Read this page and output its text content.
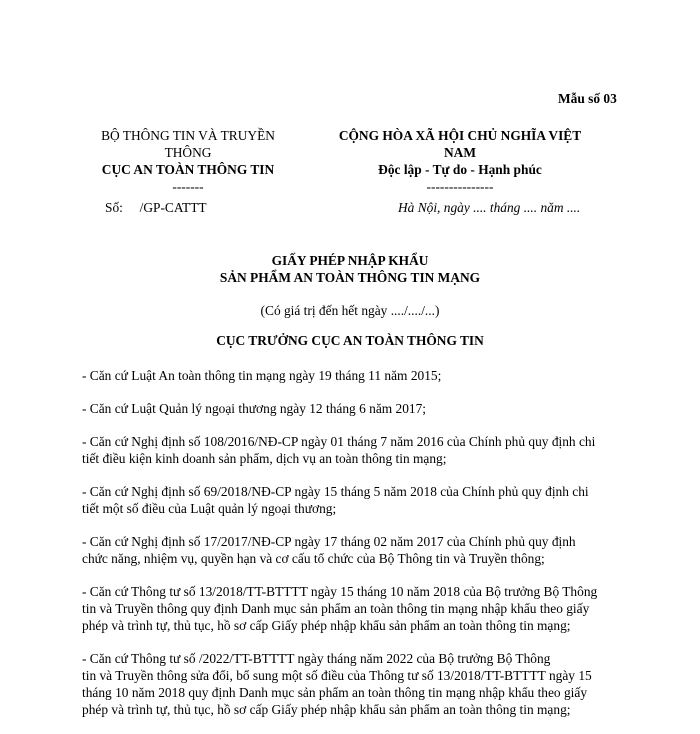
Mẫu số 03
BỘ THÔNG TIN VÀ TRUYỀN
THÔNG
CỤC AN TOÀN THÔNG TIN
-------
CỘNG HÒA XÃ HỘI CHỦ NGHĨA VIỆT
NAM
Độc lập - Tự do - Hạnh phúc
---------------
Số:     /GP-CATTT	Hà Nội, ngày .... tháng .... năm ....
GIẤY PHÉP NHẬP KHẨU
SẢN PHẨM AN TOÀN THÔNG TIN MẠNG
(Có giá trị đến hết ngày ..../..../...)
CỤC TRƯỞNG CỤC AN TOÀN THÔNG TIN
- Căn cứ Luật An toàn thông tin mạng ngày 19 tháng 11 năm 2015;
- Căn cứ Luật Quản lý ngoại thương ngày 12 tháng 6 năm 2017;
- Căn cứ Nghị định số 108/2016/NĐ-CP ngày 01 tháng 7 năm 2016 của Chính phủ quy định chi
tiết điều kiện kinh doanh sản phẩm, dịch vụ an toàn thông tin mạng;
- Căn cứ Nghị định số 69/2018/NĐ-CP ngày 15 tháng 5 năm 2018 của Chính phủ quy định chi
tiết một số điều của Luật quản lý ngoại thương;
- Căn cứ Nghị định số 17/2017/NĐ-CP ngày 17 tháng 02 năm 2017 của Chính phủ quy định
chức năng, nhiệm vụ, quyền hạn và cơ cấu tổ chức của Bộ Thông tin và Truyền thông;
- Căn cứ Thông tư số 13/2018/TT-BTTTT ngày 15 tháng 10 năm 2018 của Bộ trưởng Bộ Thông
tin và Truyền thông quy định Danh mục sản phẩm an toàn thông tin mạng nhập khẩu theo giấy
phép và trình tự, thủ tục, hồ sơ cấp Giấy phép nhập khẩu sản phẩm an toàn thông tin mạng;
- Căn cứ Thông tư số /2022/TT-BTTTT ngày tháng năm 2022 của Bộ trưởng Bộ Thông
tin và Truyền thông sửa đổi, bổ sung một số điều của Thông tư số 13/2018/TT-BTTTT ngày 15
tháng 10 năm 2018 quy định Danh mục sản phẩm an toàn thông tin mạng nhập khẩu theo giấy
phép và trình tự, thủ tục, hồ sơ cấp Giấy phép nhập khẩu sản phẩm an toàn thông tin mạng;
